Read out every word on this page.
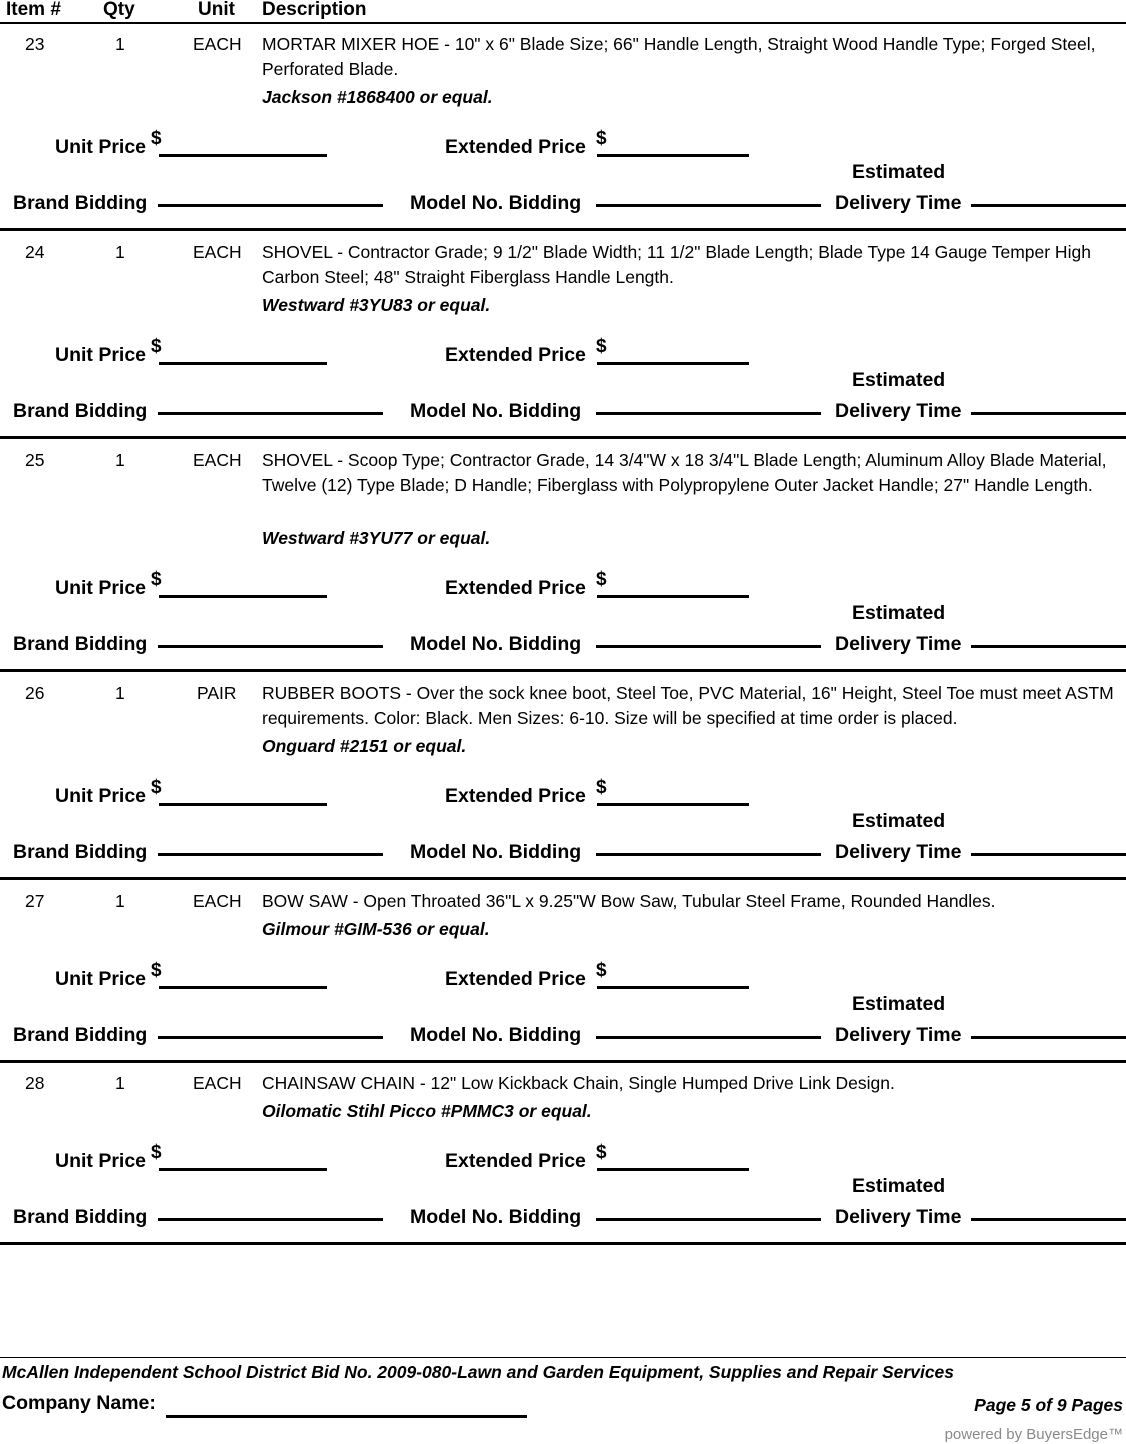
Item # Qty	Unit Description
23	1	EACH MORTAR MIXER HOE - 10" x 6" Blade Size; 66" Handle Length, Straight Wood Handle Type; Forged Steel, Perforated Blade.
Jackson #1868400 or equal.
Unit Price $	Extended Price $
Estimated
Brand Bidding	Model No. Bidding	Delivery Time
24	1	EACH SHOVEL - Contractor Grade; 9 1/2" Blade Width; 11 1/2" Blade Length; Blade Type 14 Gauge Temper High Carbon Steel; 48" Straight Fiberglass Handle Length.
Westward #3YU83 or equal.
Unit Price $	Extended Price $
Estimated
Brand Bidding	Model No. Bidding	Delivery Time
25	1	EACH SHOVEL - Scoop Type; Contractor Grade, 14 3/4"W x 18 3/4"L Blade Length; Aluminum Alloy Blade Material, Twelve (12) Type Blade; D Handle; Fiberglass with Polypropylene Outer Jacket Handle; 27" Handle Length.
Westward #3YU77 or equal.
Unit Price $	Extended Price $
Estimated
Brand Bidding	Model No. Bidding	Delivery Time
26	1	PAIR RUBBER BOOTS - Over the sock knee boot, Steel Toe, PVC Material, 16" Height, Steel Toe must meet ASTM requirements. Color: Black. Men Sizes: 6-10. Size will be specified at time order is placed.
Onguard #2151 or equal.
Unit Price $	Extended Price $
Estimated
Brand Bidding	Model No. Bidding	Delivery Time
27	1	EACH BOW SAW - Open Throated 36"L x 9.25"W Bow Saw, Tubular Steel Frame, Rounded Handles.
Gilmour #GIM-536 or equal.
Unit Price $	Extended Price $
Estimated
Brand Bidding	Model No. Bidding	Delivery Time
28	1	EACH CHAINSAW CHAIN - 12" Low Kickback Chain, Single Humped Drive Link Design.
Oilomatic Stihl Picco #PMMC3 or equal.
Unit Price $	Extended Price $
Estimated
Brand Bidding	Model No. Bidding	Delivery Time
McAllen Independent School District Bid No. 2009-080-Lawn and Garden Equipment, Supplies and Repair Services
Company Name:	Page 5 of 9 Pages
powered by BuyersEdge™
